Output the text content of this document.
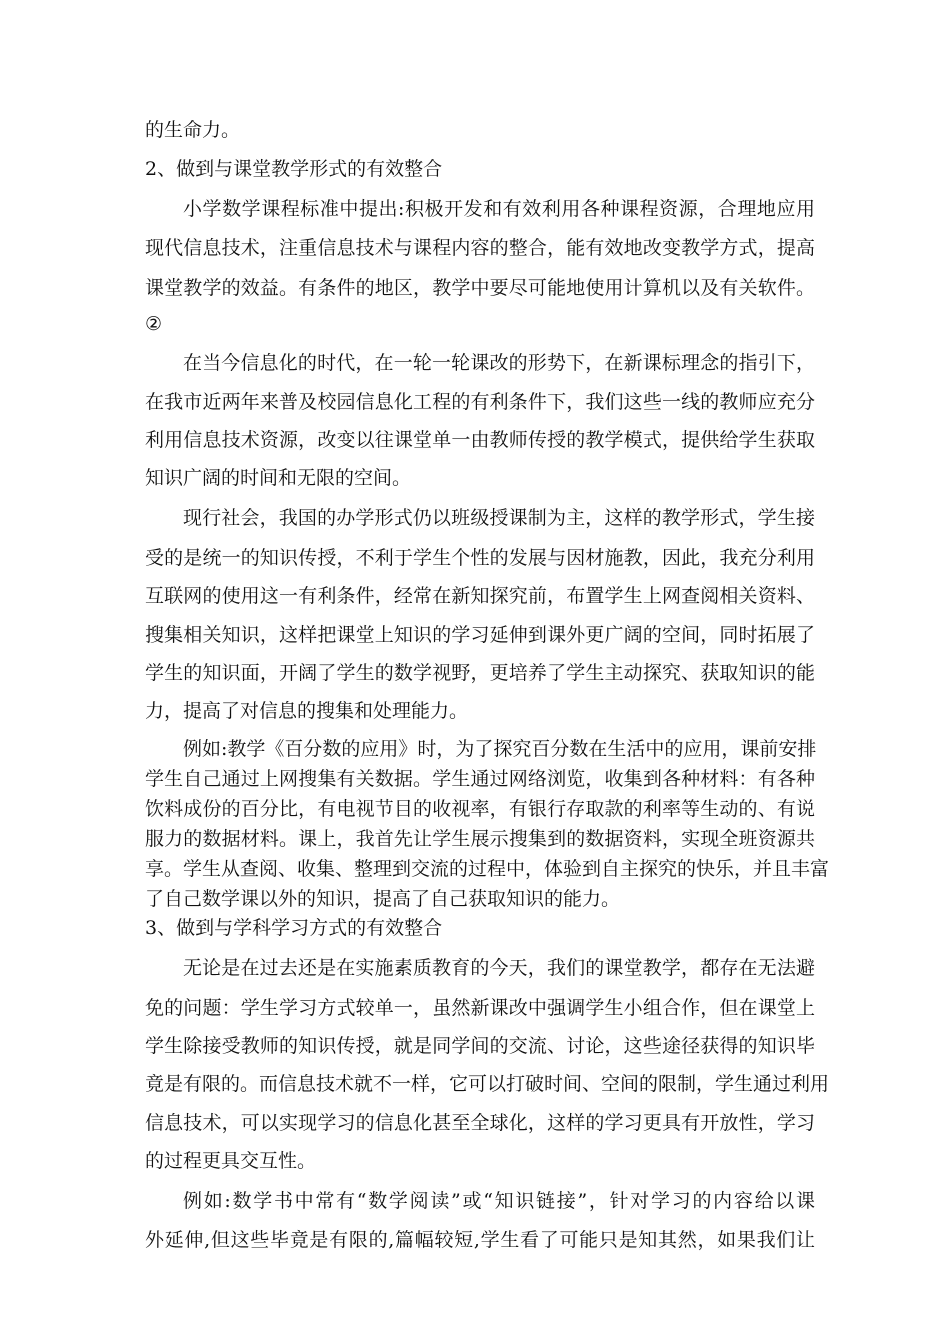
的生命力。
2、做到与课堂教学形式的有效整合
小学数学课程标准中提出:积极开发和有效利用各种课程资源，合理地应用
现代信息技术，注重信息技术与课程内容的整合，能有效地改变教学方式，提高
课堂教学的效益。有条件的地区，教学中要尽可能地使用计算机以及有关软件。
②
在当今信息化的时代，在一轮一轮课改的形势下，在新课标理念的指引下，
在我市近两年来普及校园信息化工程的有利条件下，我们这些一线的教师应充分
利用信息技术资源，改变以往课堂单一由教师传授的教学模式，提供给学生获取
知识广阔的时间和无限的空间。
现行社会，我国的办学形式仍以班级授课制为主，这样的教学形式，学生接
受的是统一的知识传授，不利于学生个性的发展与因材施教，因此，我充分利用
互联网的使用这一有利条件，经常在新知探究前，布置学生上网查阅相关资料、
搜集相关知识，这样把课堂上知识的学习延伸到课外更广阔的空间，同时拓展了
学生的知识面，开阔了学生的数学视野，更培养了学生主动探究、获取知识的能
力，提高了对信息的搜集和处理能力。
例如:教学《百分数的应用》时，为了探究百分数在生活中的应用，课前安排
学生自己通过上网搜集有关数据。学生通过网络浏览，收集到各种材料：有各种
饮料成份的百分比，有电视节目的收视率，有银行存取款的利率等生动的、有说
服力的数据材料。课上，我首先让学生展示搜集到的数据资料，实现全班资源共
享。学生从查阅、收集、整理到交流的过程中，体验到自主探究的快乐，并且丰富
了自己数学课以外的知识，提高了自己获取知识的能力。
3、做到与学科学习方式的有效整合
无论是在过去还是在实施素质教育的今天，我们的课堂教学，都存在无法避
免的问题：学生学习方式较单一，虽然新课改中强调学生小组合作，但在课堂上
学生除接受教师的知识传授，就是同学间的交流、讨论，这些途径获得的知识毕
竟是有限的。而信息技术就不一样，它可以打破时间、空间的限制，学生通过利用
信息技术，可以实现学习的信息化甚至全球化，这样的学习更具有开放性，学习
的过程更具交互性。
例如:数学书中常有“数学阅读”或“知识链接”，针对学习的内容给以课
外延伸,但这些毕竟是有限的,篇幅较短,学生看了可能只是知其然，如果我们让
